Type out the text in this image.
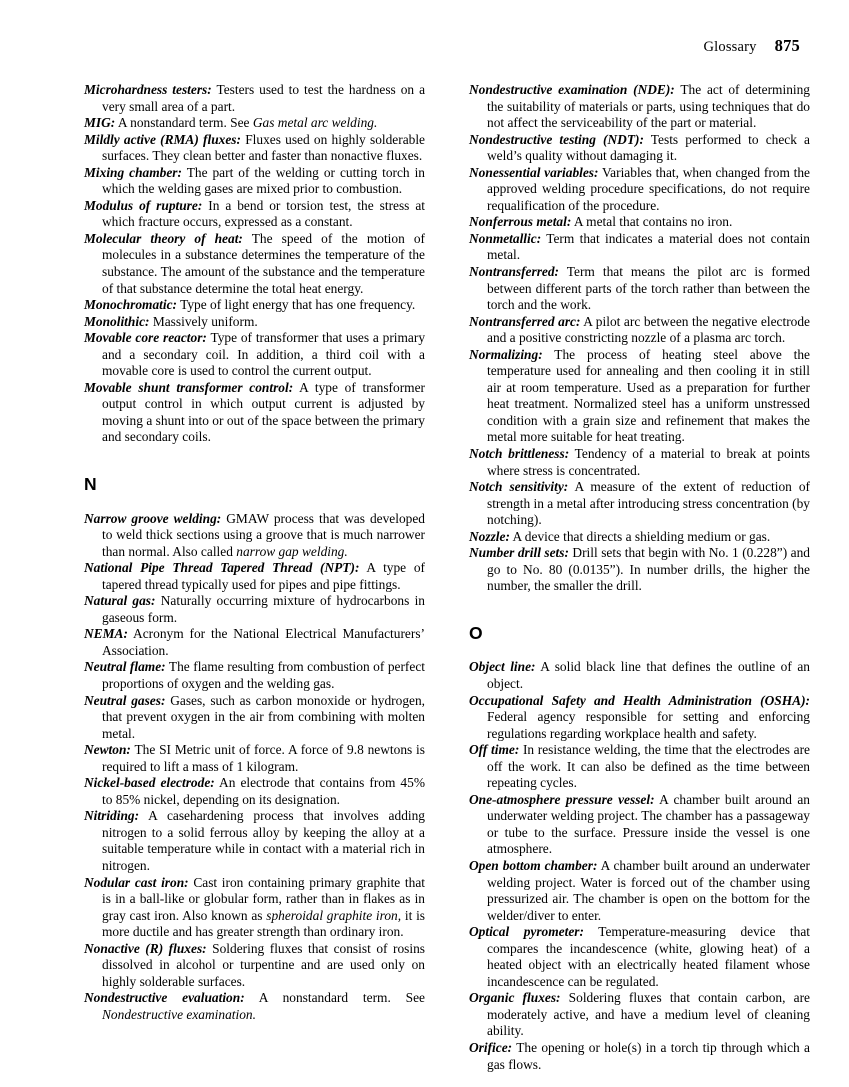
Glossary 875

Microhardness testers: Testers used to test the hardness on a very small area of a part.

MIG: A nonstandard term. See Gas metal arc welding.

Mildly active (RMA) fluxes: Fluxes used on highly solderable surfaces. They clean better and faster than nonactive fluxes.

Mixing chamber: The part of the welding or cutting torch in which the welding gases are mixed prior to combustion.

Modulus of rupture: In a bend or torsion test, the stress at which fracture occurs, expressed as a constant.

Molecular theory of heat: The speed of the motion of molecules in a substance determines the temperature of the substance. The amount of the substance and the temperature of that substance determine the total heat energy.

Monochromatic: Type of light energy that has one frequency.

Monolithic: Massively uniform.

Movable core reactor: Type of transformer that uses a primary and a secondary coil. In addition, a third coil with a movable core is used to control the current output.

Movable shunt transformer control: A type of transformer output control in which output current is adjusted by moving a shunt into or out of the space between the primary and secondary coils.

N

Narrow groove welding: GMAW process that was developed to weld thick sections using a groove that is much narrower than normal. Also called narrow gap welding.

National Pipe Thread Tapered Thread (NPT): A type of tapered thread typically used for pipes and pipe fittings.

Natural gas: Naturally occurring mixture of hydrocarbons in gaseous form.

NEMA: Acronym for the National Electrical Manufacturers’ Association.

Neutral flame: The flame resulting from combustion of perfect proportions of oxygen and the welding gas.

Neutral gases: Gases, such as carbon monoxide or hydrogen, that prevent oxygen in the air from combining with molten metal.

Newton: The SI Metric unit of force. A force of 9.8 newtons is required to lift a mass of 1 kilogram.

Nickel-based electrode: An electrode that contains from 45% to 85% nickel, depending on its designation.

Nitriding: A casehardening process that involves adding nitrogen to a solid ferrous alloy by keeping the alloy at a suitable temperature while in contact with a material rich in nitrogen.

Nodular cast iron: Cast iron containing primary graphite that is in a ball-like or globular form, rather than in flakes as in gray cast iron. Also known as spheroidal graphite iron, it is more ductile and has greater strength than ordinary iron.

Nonactive (R) fluxes: Soldering fluxes that consist of rosins dissolved in alcohol or turpentine and are used only on highly solderable surfaces.

Nondestructive evaluation: A nonstandard term. See Nondestructive examination.

Nondestructive examination (NDE): The act of determining the suitability of materials or parts, using techniques that do not affect the serviceability of the part or material.

Nondestructive testing (NDT): Tests performed to check a weld’s quality without damaging it.

Nonessential variables: Variables that, when changed from the approved welding procedure specifications, do not require requalification of the procedure.

Nonferrous metal: A metal that contains no iron.

Nonmetallic: Term that indicates a material does not contain metal.

Nontransferred: Term that means the pilot arc is formed between different parts of the torch rather than between the torch and the work.

Nontransferred arc: A pilot arc between the negative electrode and a positive constricting nozzle of a plasma arc torch.

Normalizing: The process of heating steel above the temperature used for annealing and then cooling it in still air at room temperature. Used as a preparation for further heat treatment. Normalized steel has a uniform unstressed condition with a grain size and refinement that makes the metal more suitable for heat treating.

Notch brittleness: Tendency of a material to break at points where stress is concentrated.

Notch sensitivity: A measure of the extent of reduction of strength in a metal after introducing stress concentration (by notching).

Nozzle: A device that directs a shielding medium or gas.

Number drill sets: Drill sets that begin with No. 1 (0.228”) and go to No. 80 (0.0135”). In number drills, the higher the number, the smaller the drill.

O

Object line: A solid black line that defines the outline of an object.

Occupational Safety and Health Administration (OSHA): Federal agency responsible for setting and enforcing regulations regarding workplace health and safety.

Off time: In resistance welding, the time that the electrodes are off the work. It can also be defined as the time between repeating cycles.

One-atmosphere pressure vessel: A chamber built around an underwater welding project. The chamber has a passageway or tube to the surface. Pressure inside the vessel is one atmosphere.

Open bottom chamber: A chamber built around an underwater welding project. Water is forced out of the chamber using pressurized air. The chamber is open on the bottom for the welder/diver to enter.

Optical pyrometer: Temperature-measuring device that compares the incandescence (white, glowing heat) of a heated object with an electrically heated filament whose incandescence can be regulated.

Organic fluxes: Soldering fluxes that contain carbon, are moderately active, and have a medium level of cleaning ability.

Orifice: The opening or hole(s) in a torch tip through which a gas flows.
